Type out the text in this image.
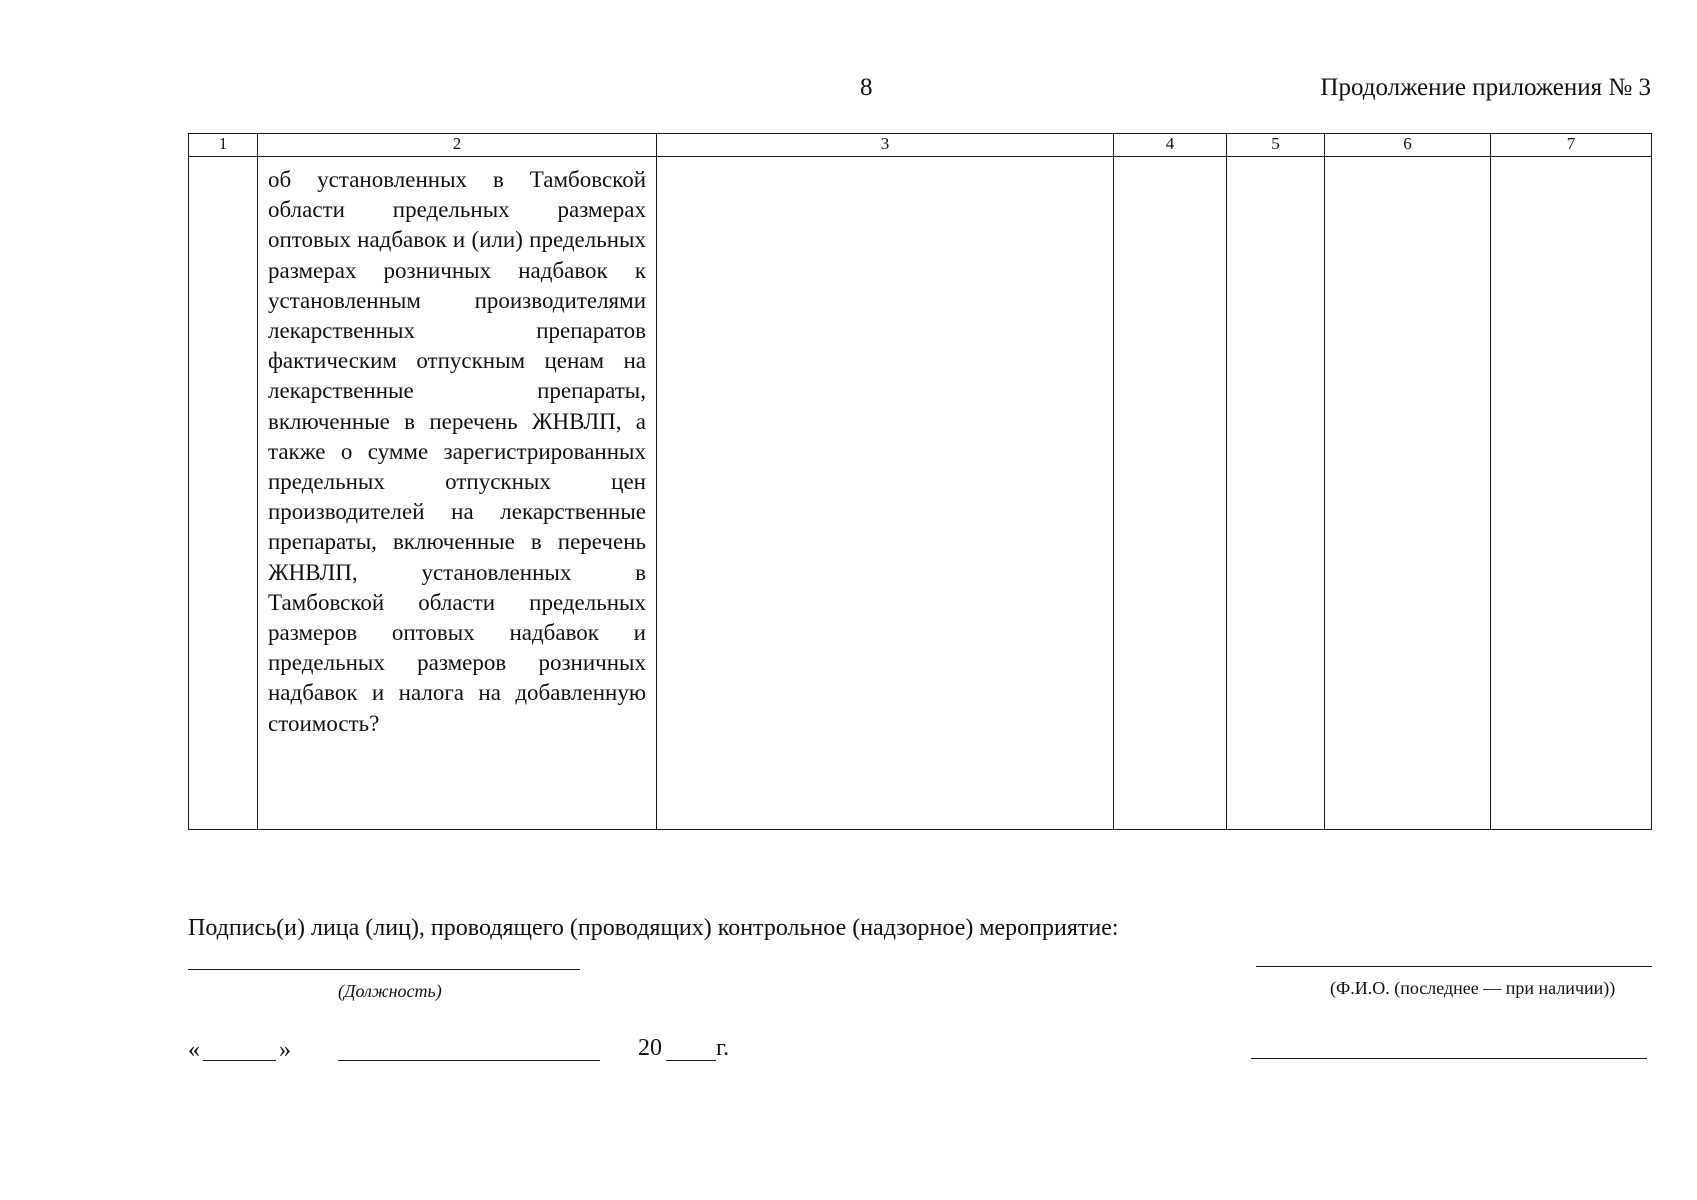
8	Продолжение приложения № 3
1	2	3	4	5	6	7
	об установленных в Тамбовской области предельных размерах оптовых надбавок и (или) предельных размерах розничных надбавок к установленным производителями лекарственных препаратов фактическим отпускным ценам на лекарственные препараты, включенные в перечень ЖНВЛП, а также о сумме зарегистрированных предельных отпускных цен производителей на лекарственные препараты, включенные в перечень ЖНВЛП, установленных в Тамбовской области предельных размеров оптовых надбавок и предельных размеров розничных надбавок и налога на добавленную стоимость?					
Подпись(и) лица (лиц), проводящего (проводящих) контрольное (надзорное) мероприятие:
(Должность)	(Ф.И.О. (последнее — при наличии))
«	»	20 г.
